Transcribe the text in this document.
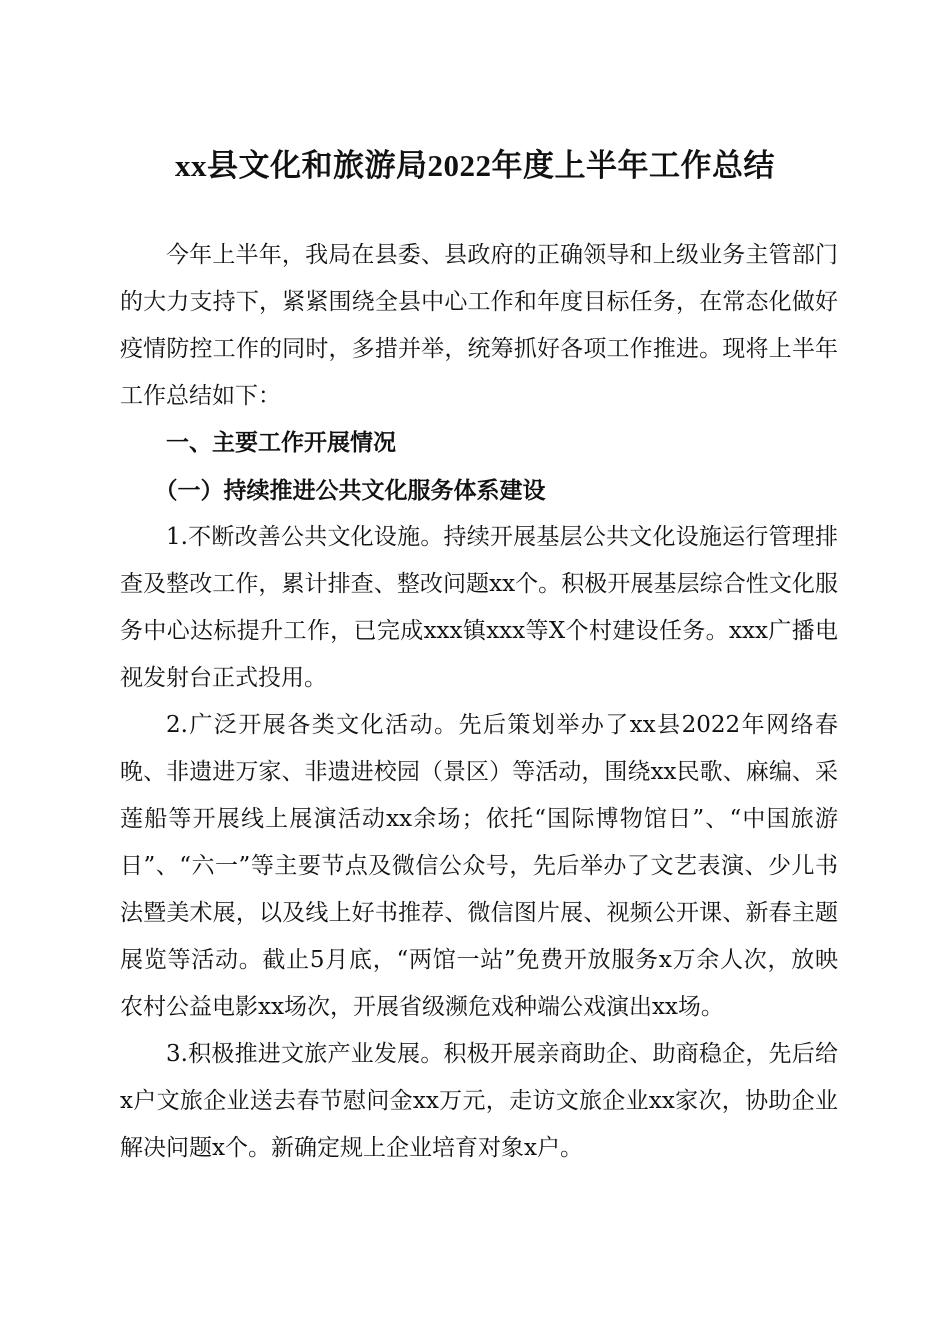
xx县文化和旅游局2022年度上半年工作总结

今年上半年，我局在县委、县政府的正确领导和上级业务主管部门的大力支持下，紧紧围绕全县中心工作和年度目标任务，在常态化做好疫情防控工作的同时，多措并举，统筹抓好各项工作推进。现将上半年工作总结如下：

一、主要工作开展情况

（一）持续推进公共文化服务体系建设

1.不断改善公共文化设施。持续开展基层公共文化设施运行管理排查及整改工作，累计排查、整改问题xx个。积极开展基层综合性文化服务中心达标提升工作，已完成xxx镇xxx等X个村建设任务。xxx广播电视发射台正式投用。

2.广泛开展各类文化活动。先后策划举办了xx县2022年网络春晚、非遗进万家、非遗进校园（景区）等活动，围绕xx民歌、麻编、采莲船等开展线上展演活动xx余场；依托“国际博物馆日”、“中国旅游日”、“六一”等主要节点及微信公众号，先后举办了文艺表演、少儿书法暨美术展，以及线上好书推荐、微信图片展、视频公开课、新春主题展览等活动。截止5月底，“两馆一站”免费开放服务x万余人次，放映农村公益电影xx场次，开展省级濒危戏种端公戏演出xx场。

3.积极推进文旅产业发展。积极开展亲商助企、助商稳企，先后给x户文旅企业送去春节慰问金xx万元，走访文旅企业xx家次，协助企业解决问题x个。新确定规上企业培育对象x户。
